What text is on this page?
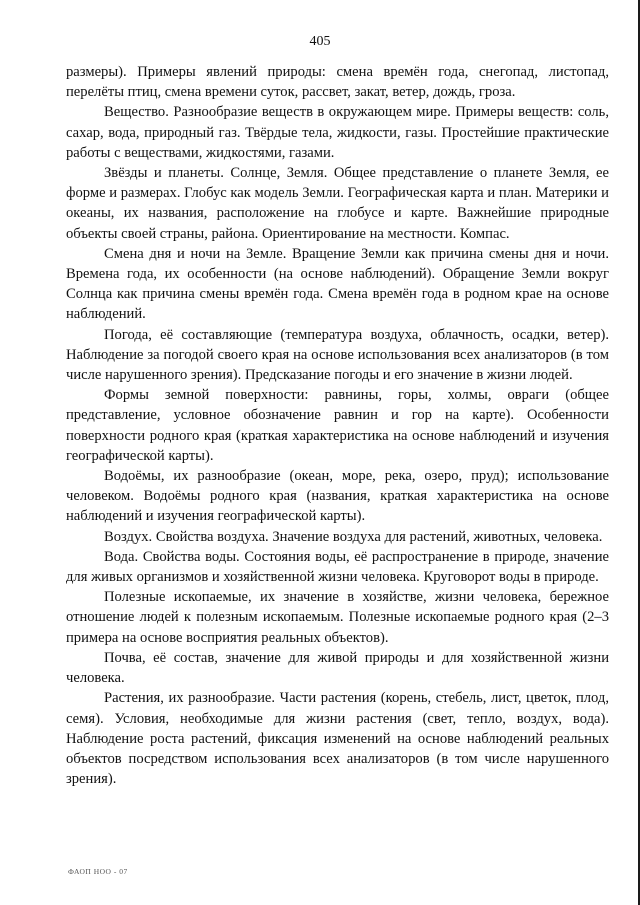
405

размеры). Примеры явлений природы: смена времён года, снегопад, листопад, перелёты птиц, смена времени суток, рассвет, закат, ветер, дождь, гроза.

Вещество. Разнообразие веществ в окружающем мире. Примеры веществ: соль, сахар, вода, природный газ. Твёрдые тела, жидкости, газы. Простейшие практические работы с веществами, жидкостями, газами.

Звёзды и планеты. Солнце, Земля. Общее представление о планете Земля, ее форме и размерах. Глобус как модель Земли. Географическая карта и план. Материки и океаны, их названия, расположение на глобусе и карте. Важнейшие природные объекты своей страны, района. Ориентирование на местности. Компас.

Смена дня и ночи на Земле. Вращение Земли как причина смены дня и ночи. Времена года, их особенности (на основе наблюдений). Обращение Земли вокруг Солнца как причина смены времён года. Смена времён года в родном крае на основе наблюдений.

Погода, её составляющие (температура воздуха, облачность, осадки, ветер). Наблюдение за погодой своего края на основе использования всех анализаторов (в том числе нарушенного зрения). Предсказание погоды и его значение в жизни людей.

Формы земной поверхности: равнины, горы, холмы, овраги (общее представление, условное обозначение равнин и гор на карте). Особенности поверхности родного края (краткая характеристика на основе наблюдений и изучения географической карты).

Водоёмы, их разнообразие (океан, море, река, озеро, пруд); использование человеком. Водоёмы родного края (названия, краткая характеристика на основе наблюдений и изучения географической карты).

Воздух. Свойства воздуха. Значение воздуха для растений, животных, человека.

Вода. Свойства воды. Состояния воды, её распространение в природе, значение для живых организмов и хозяйственной жизни человека. Круговорот воды в природе.

Полезные ископаемые, их значение в хозяйстве, жизни человека, бережное отношение людей к полезным ископаемым. Полезные ископаемые родного края (2–3 примера на основе восприятия реальных объектов).

Почва, её состав, значение для живой природы и для хозяйственной жизни человека.

Растения, их разнообразие. Части растения (корень, стебель, лист, цветок, плод, семя). Условия, необходимые для жизни растения (свет, тепло, воздух, вода). Наблюдение роста растений, фиксация изменений на основе наблюдений реальных объектов посредством использования всех анализаторов (в том числе нарушенного зрения).

ФАОП НОО - 07
